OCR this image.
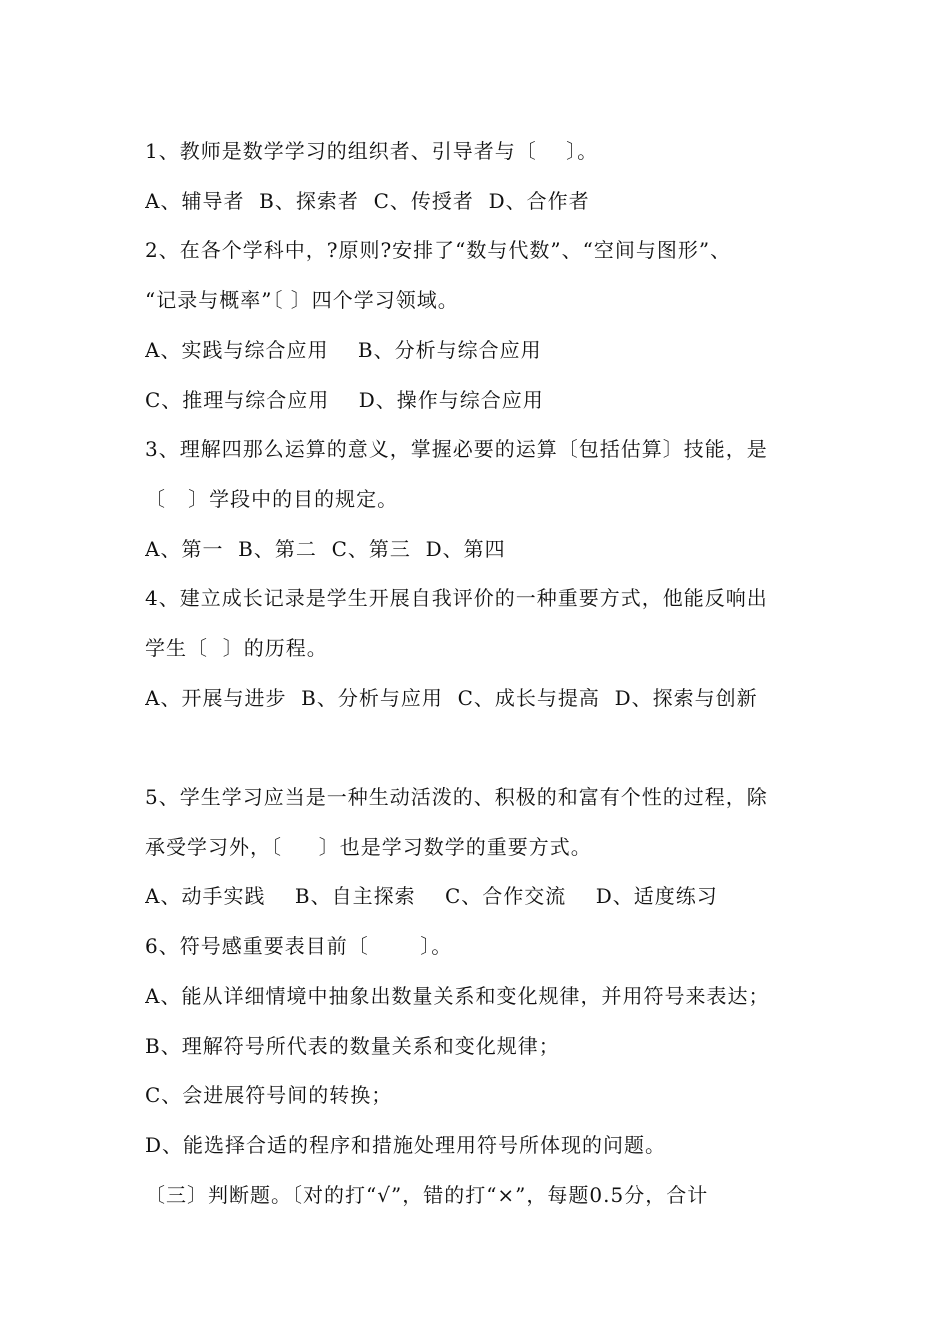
1、教师是数学学习的组织者、引导者与〔    〕。
A、辅导者  B、探索者  C、传授者  D、合作者
2、在各个学科中，?原则?安排了“数与代数”、“空间与图形”、
“记录与概率”〔 〕四个学习领域。
A、实践与综合应用    B、分析与综合应用
C、推理与综合应用    D、操作与综合应用
3、理解四那么运算的意义，掌握必要的运算〔包括估算〕技能，是
〔   〕学段中的目的规定。
A、第一  B、第二  C、第三  D、第四
4、建立成长记录是学生开展自我评价的一种重要方式，他能反响出
学生〔  〕的历程。
A、开展与进步  B、分析与应用  C、成长与提高  D、探索与创新
5、学生学习应当是一种生动活泼的、积极的和富有个性的过程，除
承受学习外，〔     〕也是学习数学的重要方式。
A、动手实践    B、自主探索    C、合作交流    D、适度练习
6、符号感重要表目前〔       〕。
A、能从详细情境中抽象出数量关系和变化规律，并用符号来表达；
B、理解符号所代表的数量关系和变化规律；
C、会进展符号间的转换；
D、能选择合适的程序和措施处理用符号所体现的问题。
〔三〕判断题。〔对的打“√”，错的打“×”，每题0.5分，合计
